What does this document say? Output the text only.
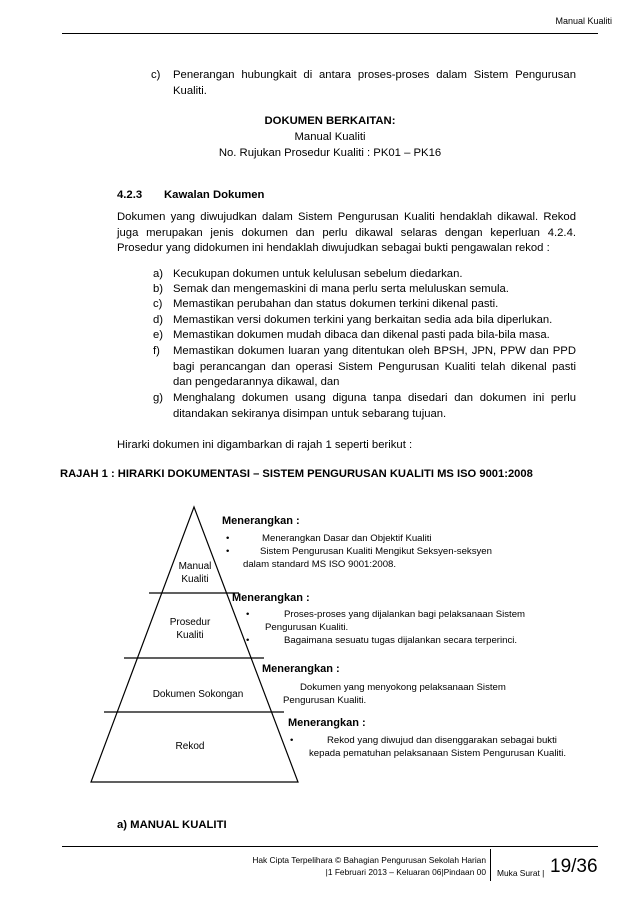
Manual Kualiti
c) Penerangan hubungkait di antara proses-proses dalam Sistem Pengurusan Kualiti.
DOKUMEN BERKAITAN:
Manual Kualiti
No. Rujukan Prosedur Kualiti : PK01 – PK16
4.2.3 Kawalan Dokumen
Dokumen yang diwujudkan dalam Sistem Pengurusan Kualiti hendaklah dikawal. Rekod juga merupakan jenis dokumen dan perlu dikawal selaras dengan keperluan 4.2.4. Prosedur yang didokumen ini hendaklah diwujudkan sebagai bukti pengawalan rekod :
a) Kecukupan dokumen untuk kelulusan sebelum diedarkan.
b) Semak dan mengemaskini di mana perlu serta meluluskan semula.
c) Memastikan perubahan dan status dokumen terkini dikenal pasti.
d) Memastikan versi dokumen terkini yang berkaitan sedia ada bila diperlukan.
e) Memastikan dokumen mudah dibaca dan dikenal pasti pada bila-bila masa.
f) Memastikan dokumen luaran yang ditentukan oleh BPSH, JPN, PPW dan PPD bagi perancangan dan operasi Sistem Pengurusan Kualiti telah dikenal pasti dan pengedarannya dikawal, dan
g) Menghalang dokumen usang diguna tanpa disedari dan dokumen ini perlu ditandakan sekiranya disimpan untuk sebarang tujuan.
Hirarki dokumen ini digambarkan di rajah 1 seperti berikut :
RAJAH 1 : HIRARKI DOKUMENTASI – SISTEM PENGURUSAN KUALITI MS ISO 9001:2008
Manual Kualiti
Prosedur Kualiti
Dokumen Sokongan
Rekod
Menerangkan :
•	Menerangkan Dasar dan Objektif Kualiti
•	Sistem Pengurusan Kualiti Mengikut Seksyen-seksyen dalam standard MS ISO 9001:2008.
Menerangkan :
•	Proses-proses yang dijalankan bagi pelaksanaan Sistem Pengurusan Kualiti.
•	Bagaimana sesuatu tugas dijalankan secara terperinci.
Menerangkan :
Dokumen yang menyokong pelaksanaan Sistem Pengurusan Kualiti.
Menerangkan :
•	Rekod yang diwujud dan disenggarakan sebagai bukti kepada pematuhan pelaksanaan Sistem Pengurusan Kualiti.
a) MANUAL KUALITI
Hak Cipta Terpelihara © Bahagian Pengurusan Sekolah Harian
|1 Februari 2013 – Keluaran 06|Pindaan 00 Muka Surat | 19/36
